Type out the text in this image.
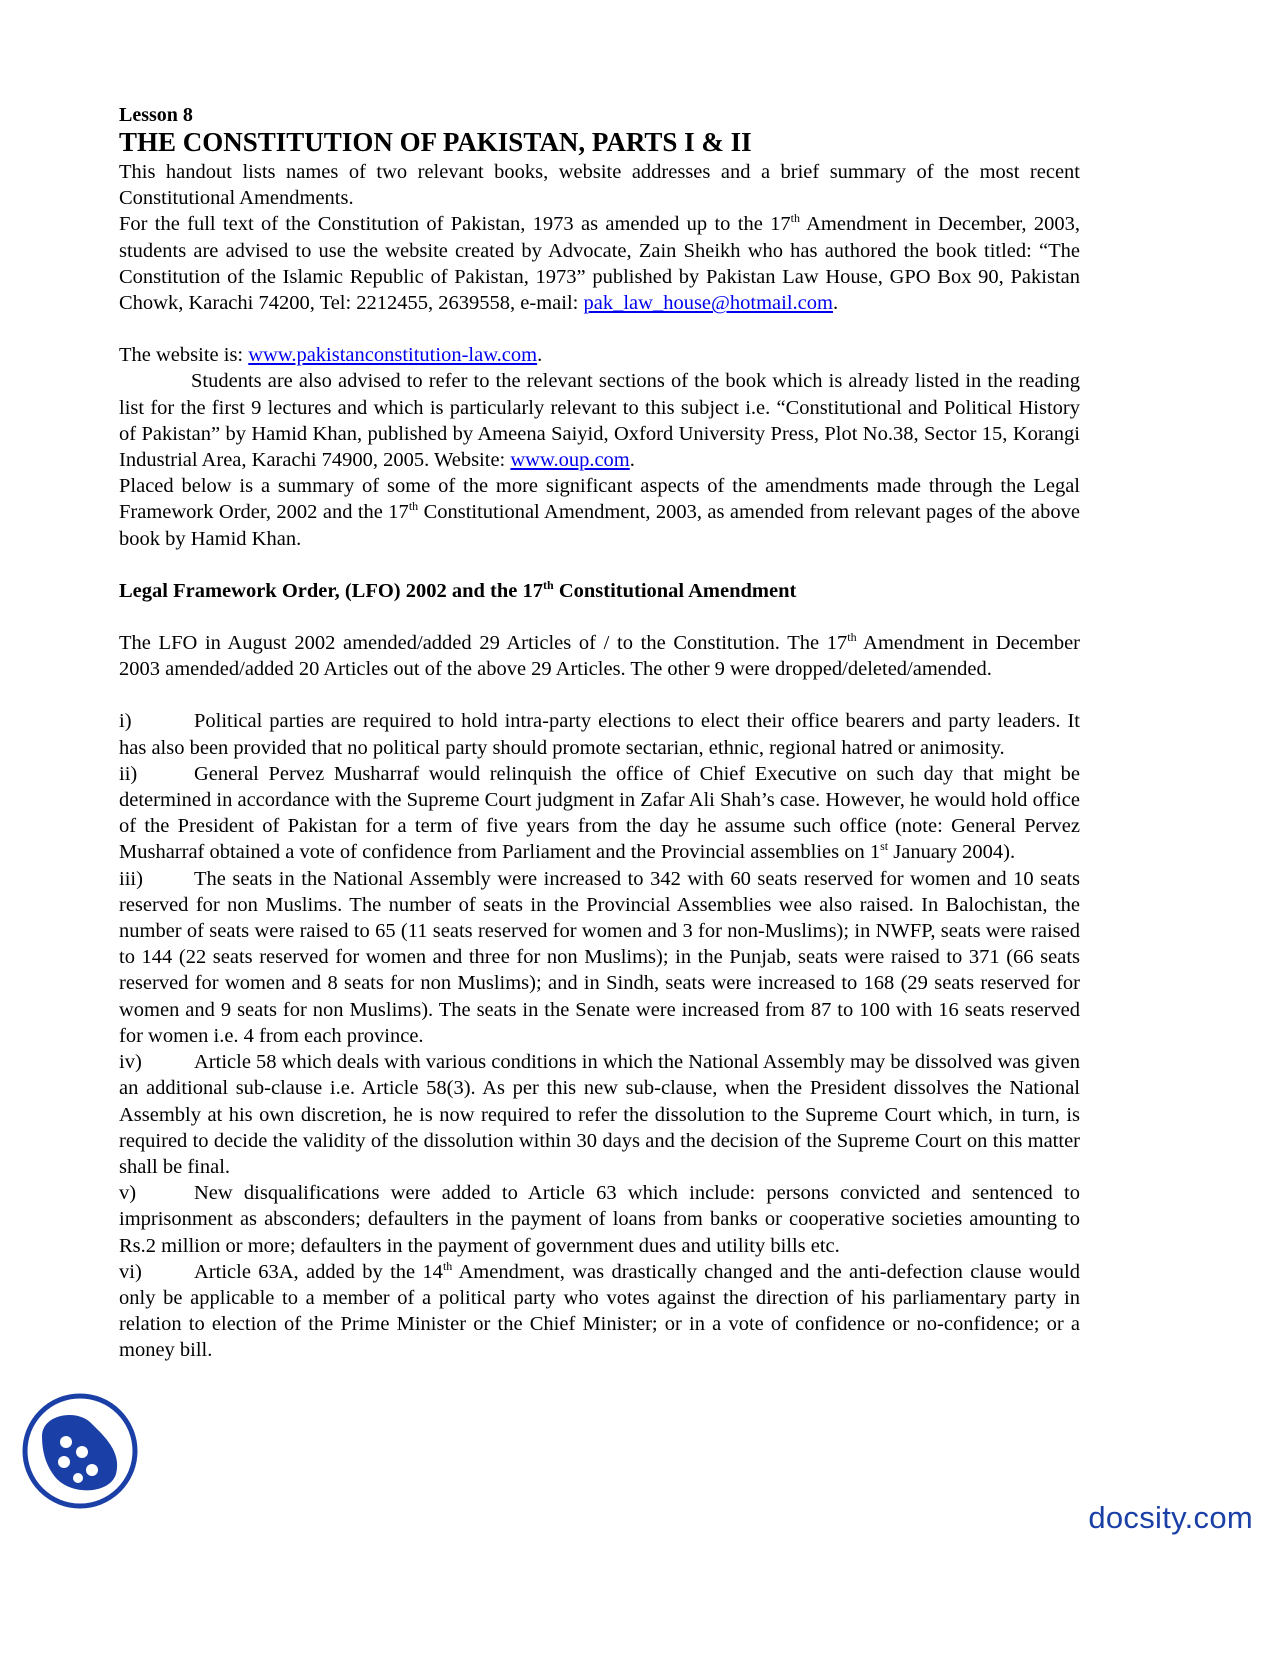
Lesson 8
THE CONSTITUTION OF PAKISTAN, PARTS I & II

This handout lists names of two relevant books, website addresses and a brief summary of the most recent Constitutional Amendments.

For the full text of the Constitution of Pakistan, 1973 as amended up to the 17th Amendment in December, 2003, students are advised to use the website created by Advocate, Zain Sheikh who has authored the book titled: “The Constitution of the Islamic Republic of Pakistan, 1973” published by Pakistan Law House, GPO Box 90, Pakistan Chowk, Karachi 74200, Tel: 2212455, 2639558, e-mail: pak_law_house@hotmail.com.

The website is: www.pakistanconstitution-law.com.

Students are also advised to refer to the relevant sections of the book which is already listed in the reading list for the first 9 lectures and which is particularly relevant to this subject i.e. “Constitutional and Political History of Pakistan” by Hamid Khan, published by Ameena Saiyid, Oxford University Press, Plot No.38, Sector 15, Korangi Industrial Area, Karachi 74900, 2005. Website: www.oup.com.

Placed below is a summary of some of the more significant aspects of the amendments made through the Legal Framework Order, 2002 and the 17th Constitutional Amendment, 2003, as amended from relevant pages of the above book by Hamid Khan.

Legal Framework Order, (LFO) 2002 and the 17th Constitutional Amendment

The LFO in August 2002 amended/added 29 Articles of / to the Constitution. The 17th Amendment in December 2003 amended/added 20 Articles out of the above 29 Articles. The other 9 were dropped/deleted/amended.

i)	Political parties are required to hold intra-party elections to elect their office bearers and party leaders. It has also been provided that no political party should promote sectarian, ethnic, regional hatred or animosity.

ii)	General Pervez Musharraf would relinquish the office of Chief Executive on such day that might be determined in accordance with the Supreme Court judgment in Zafar Ali Shah’s case. However, he would hold office of the President of Pakistan for a term of five years from the day he assume such office (note: General Pervez Musharraf obtained a vote of confidence from Parliament and the Provincial assemblies on 1st January 2004).

iii) The seats in the National Assembly were increased to 342 with 60 seats reserved for women and 10 seats reserved for non Muslims. The number of seats in the Provincial Assemblies wee also raised. In Balochistan, the number of seats were raised to 65 (11 seats reserved for women and 3 for non-Muslims); in NWFP, seats were raised to 144 (22 seats reserved for women and three for non Muslims); in the Punjab, seats were raised to 371 (66 seats reserved for women and 8 seats for non Muslims); and in Sindh, seats were increased to 168 (29 seats reserved for women and 9 seats for non Muslims). The seats in the Senate were increased from 87 to 100 with 16 seats reserved for women i.e. 4 from each province.

iv)	Article 58 which deals with various conditions in which the National Assembly may be dissolved was given an additional sub-clause i.e. Article 58(3). As per this new sub-clause, when the President dissolves the National Assembly at his own discretion, he is now required to refer the dissolution to the Supreme Court which, in turn, is required to decide the validity of the dissolution within 30 days and the decision of the Supreme Court on this matter shall be final.

v)	New disqualifications were added to Article 63 which include: persons convicted and sentenced to imprisonment as absconders; defaulters in the payment of loans from banks or cooperative societies amounting to Rs.2 million or more; defaulters in the payment of government dues and utility bills etc.

vi)	Article 63A, added by the 14th Amendment, was drastically changed and the anti-defection clause would only be applicable to a member of a political party who votes against the direction of his parliamentary party in relation to election of the Prime Minister or the Chief Minister; or in a vote of confidence or no-confidence; or a money bill.

docsity.com
